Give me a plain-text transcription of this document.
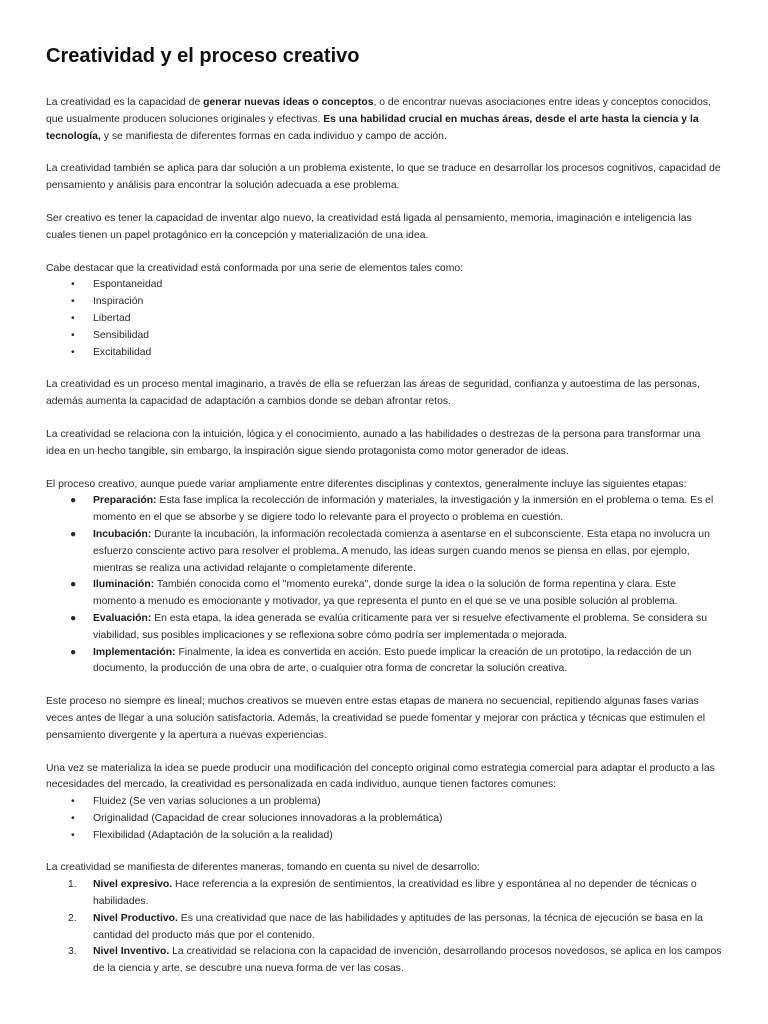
Creatividad y el proceso creativo

La creatividad es la capacidad de generar nuevas ideas o conceptos, o de encontrar nuevas asociaciones entre ideas y conceptos conocidos, que usualmente producen soluciones originales y efectivas. Es una habilidad crucial en muchas áreas, desde el arte hasta la ciencia y la tecnología, y se manifiesta de diferentes formas en cada individuo y campo de acción.

La creatividad también se aplica para dar solución a un problema existente, lo que se traduce en desarrollar los procesos cognitivos, capacidad de pensamiento y análisis para encontrar la solución adecuada a ese problema.

Ser creativo es tener la capacidad de inventar algo nuevo, la creatividad está ligada al pensamiento, memoria, imaginación e inteligencia las cuales tienen un papel protagónico en la concepción y materialización de una idea.

Cabe destacar que la creatividad está conformada por una serie de elementos tales como:

• Espontaneidad
• Inspiración
• Libertad
• Sensibilidad
• Excitabilidad

La creatividad es un proceso mental imaginario, a través de ella se refuerzan las áreas de seguridad, confianza y autoestima de las personas, además aumenta la capacidad de adaptación a cambios donde se deban afrontar retos.

La creatividad se relaciona con la intuición, lógica y el conocimiento, aunado a las habilidades o destrezas de la persona para transformar una idea en un hecho tangible, sin embargo, la inspiración sigue siendo protagonista como motor generador de ideas.

El proceso creativo, aunque puede variar ampliamente entre diferentes disciplinas y contextos, generalmente incluye las siguientes etapas:

● Preparación: Esta fase implica la recolección de información y materiales, la investigación y la inmersión en el problema o tema. Es el momento en el que se absorbe y se digiere todo lo relevante para el proyecto o problema en cuestión.
● Incubación: Durante la incubación, la información recolectada comienza a asentarse en el subconsciente. Esta etapa no involucra un esfuerzo consciente activo para resolver el problema. A menudo, las ideas surgen cuando menos se piensa en ellas, por ejemplo, mientras se realiza una actividad relajante o completamente diferente.
● Iluminación: También conocida como el "momento eureka", donde surge la idea o la solución de forma repentina y clara. Este momento a menudo es emocionante y motivador, ya que representa el punto en el que se ve una posible solución al problema.
● Evaluación: En esta etapa, la idea generada se evalúa críticamente para ver si resuelve efectivamente el problema. Se considera su viabilidad, sus posibles implicaciones y se reflexiona sobre cómo podría ser implementada o mejorada.
● Implementación: Finalmente, la idea es convertida en acción. Esto puede implicar la creación de un prototipo, la redacción de un documento, la producción de una obra de arte, o cualquier otra forma de concretar la solución creativa.

Este proceso no siempre es lineal; muchos creativos se mueven entre estas etapas de manera no secuencial, repitiendo algunas fases varias veces antes de llegar a una solución satisfactoria. Además, la creatividad se puede fomentar y mejorar con práctica y técnicas que estimulen el pensamiento divergente y la apertura a nuevas experiencias.

Una vez se materializa la idea se puede producir una modificación del concepto original como estrategia comercial para adaptar el producto a las necesidades del mercado, la creatividad es personalizada en cada individuo, aunque tienen factores comunes:

• Fluidez (Se ven varias soluciones a un problema)
• Originalidad (Capacidad de crear soluciones innovadoras a la problemática)
• Flexibilidad (Adaptación de la solución a la realidad)

La creatividad se manifiesta de diferentes maneras, tomando en cuenta su nivel de desarrollo:

1. Nivel expresivo. Hace referencia a la expresión de sentimientos, la creatividad es libre y espontánea al no depender de técnicas o habilidades.
2. Nivel Productivo. Es una creatividad que nace de las habilidades y aptitudes de las personas, la técnica de ejecución se basa en la cantidad del producto más que por el contenido.
3. Nivel Inventivo. La creatividad se relaciona con la capacidad de invención, desarrollando procesos novedosos, se aplica en los campos de la ciencia y arte, se descubre una nueva forma de ver las cosas.
